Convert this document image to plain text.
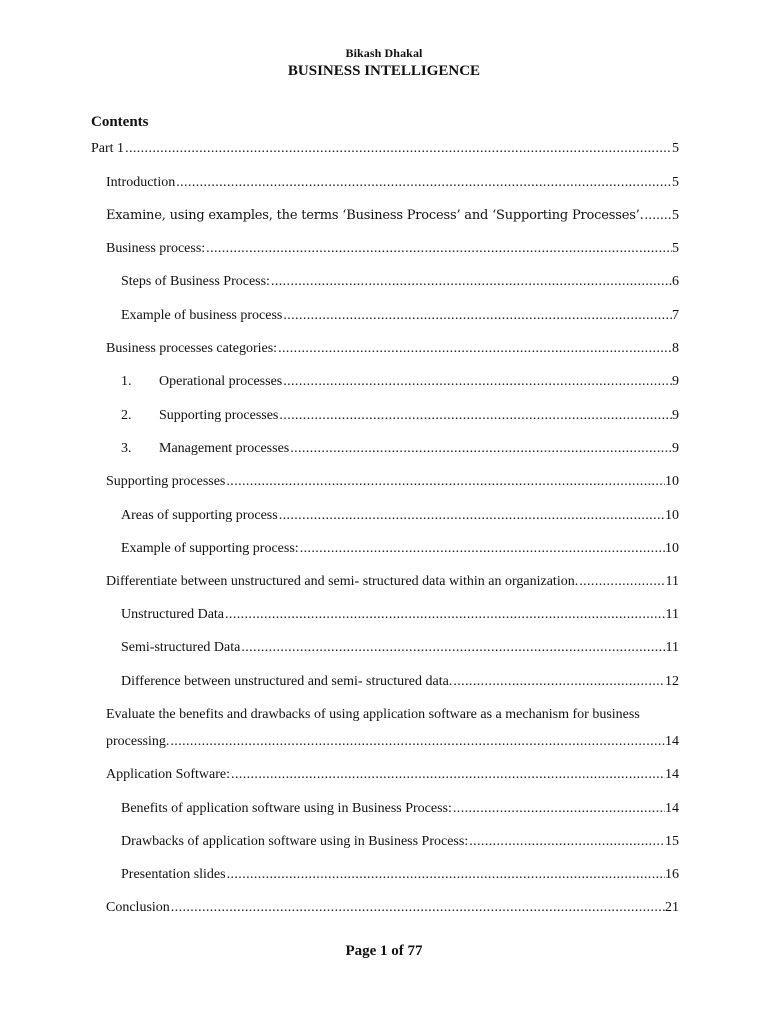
Bikash Dhakal
BUSINESS INTELLIGENCE
Contents
Part 1 .....	5
Introduction .....	5
Examine, using examples, the terms ‘Business Process’ and ‘Supporting Processes’. ..... 5
Business process: .....	5
Steps of Business Process: .....	6
Example of business process .....	7
Business processes categories: .....	8
1.	Operational processes .....	9
2.	Supporting processes .....	9
3.	Management processes .....	9
Supporting processes .....	10
Areas of supporting process .....	10
Example of supporting process: .....	10
Differentiate between unstructured and semi- structured data within an organization. .....	11
Unstructured Data .....	11
Semi-structured Data .....	11
Difference between unstructured and semi- structured data. .....	12
Evaluate the benefits and drawbacks of using application software as a mechanism for business
processing. .....	14
Application Software: .....	14
Benefits of application software using in Business Process: .....	14
Drawbacks of application software using in Business Process: .....	15
Presentation slides .....	16
Conclusion .....	21
Page 1 of 77
